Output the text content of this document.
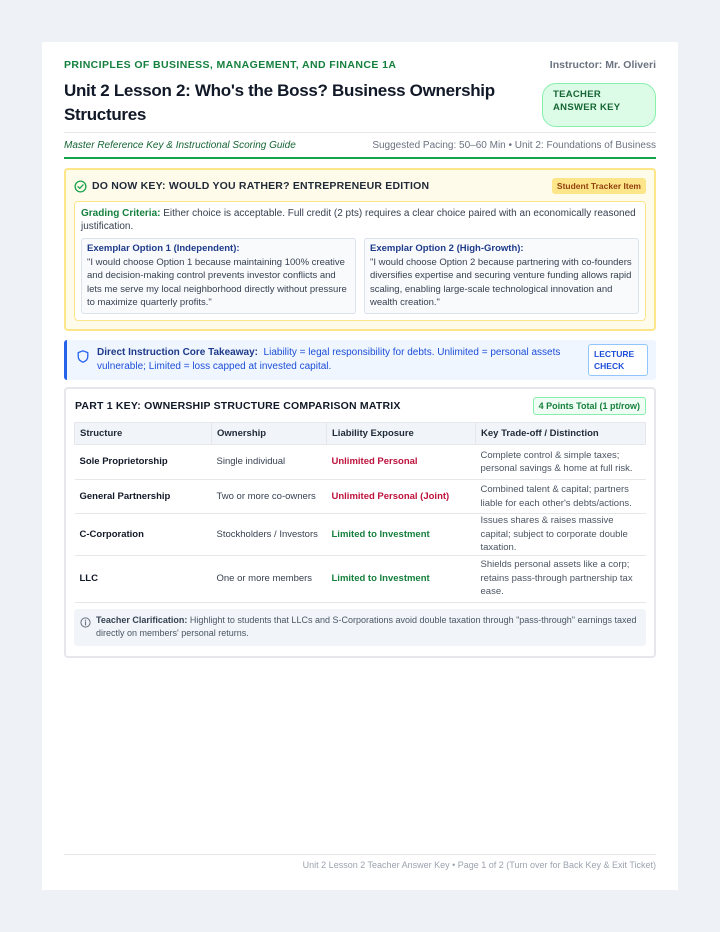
PRINCIPLES OF BUSINESS, MANAGEMENT, AND FINANCE 1A	Instructor: Mr. Oliveri
Unit 2 Lesson 2: Who's the Boss? Business Ownership Structures
TEACHER ANSWER KEY
Master Reference Key & Instructional Scoring Guide	Suggested Pacing: 50–60 Min • Unit 2: Foundations of Business
DO NOW KEY: WOULD YOU RATHER? ENTREPRENEUR EDITION	Student Tracker Item

Grading Criteria: Either choice is acceptable. Full credit (2 pts) requires a clear choice paired with an economically reasoned justification.

Exemplar Option 1 (Independent):
"I would choose Option 1 because maintaining 100% creative and decision-making control prevents investor conflicts and lets me serve my local neighborhood directly without pressure to maximize quarterly profits."
Exemplar Option 2 (High-Growth):
"I would choose Option 2 because partnering with co-founders diversifies expertise and securing venture funding allows rapid scaling, enabling large-scale technological innovation and wealth creation."

Direct Instruction Core Takeaway: Liability = legal responsibility for debts. Unlimited = personal assets vulnerable; Limited = loss capped at invested capital.

LECTURE CHECK
PART 1 KEY: OWNERSHIP STRUCTURE COMPARISON MATRIX	4 Points Total (1 pt/row)
Structure	Ownership	Liability Exposure	Key Trade-off / Distinction
Sole Proprietorship	Single individual	Unlimited Personal	Complete control & simple taxes; personal savings & home at full risk.
General Partnership	Two or more co-owners	Unlimited Personal (Joint)	Combined talent & capital; partners liable for each other's debts/actions.
C-Corporation	Stockholders / Investors	Limited to Investment	Issues shares & raises massive capital; subject to corporate double taxation.
LLC	One or more members	Limited to Investment	Shields personal assets like a corp; retains pass-through partnership tax ease.

Teacher Clarification: Highlight to students that LLCs and S-Corporations avoid double taxation through "pass-through" earnings taxed directly on members' personal returns.

Unit 2 Lesson 2 Teacher Answer Key • Page 1 of 2 (Turn over for Back Key & Exit Ticket)
